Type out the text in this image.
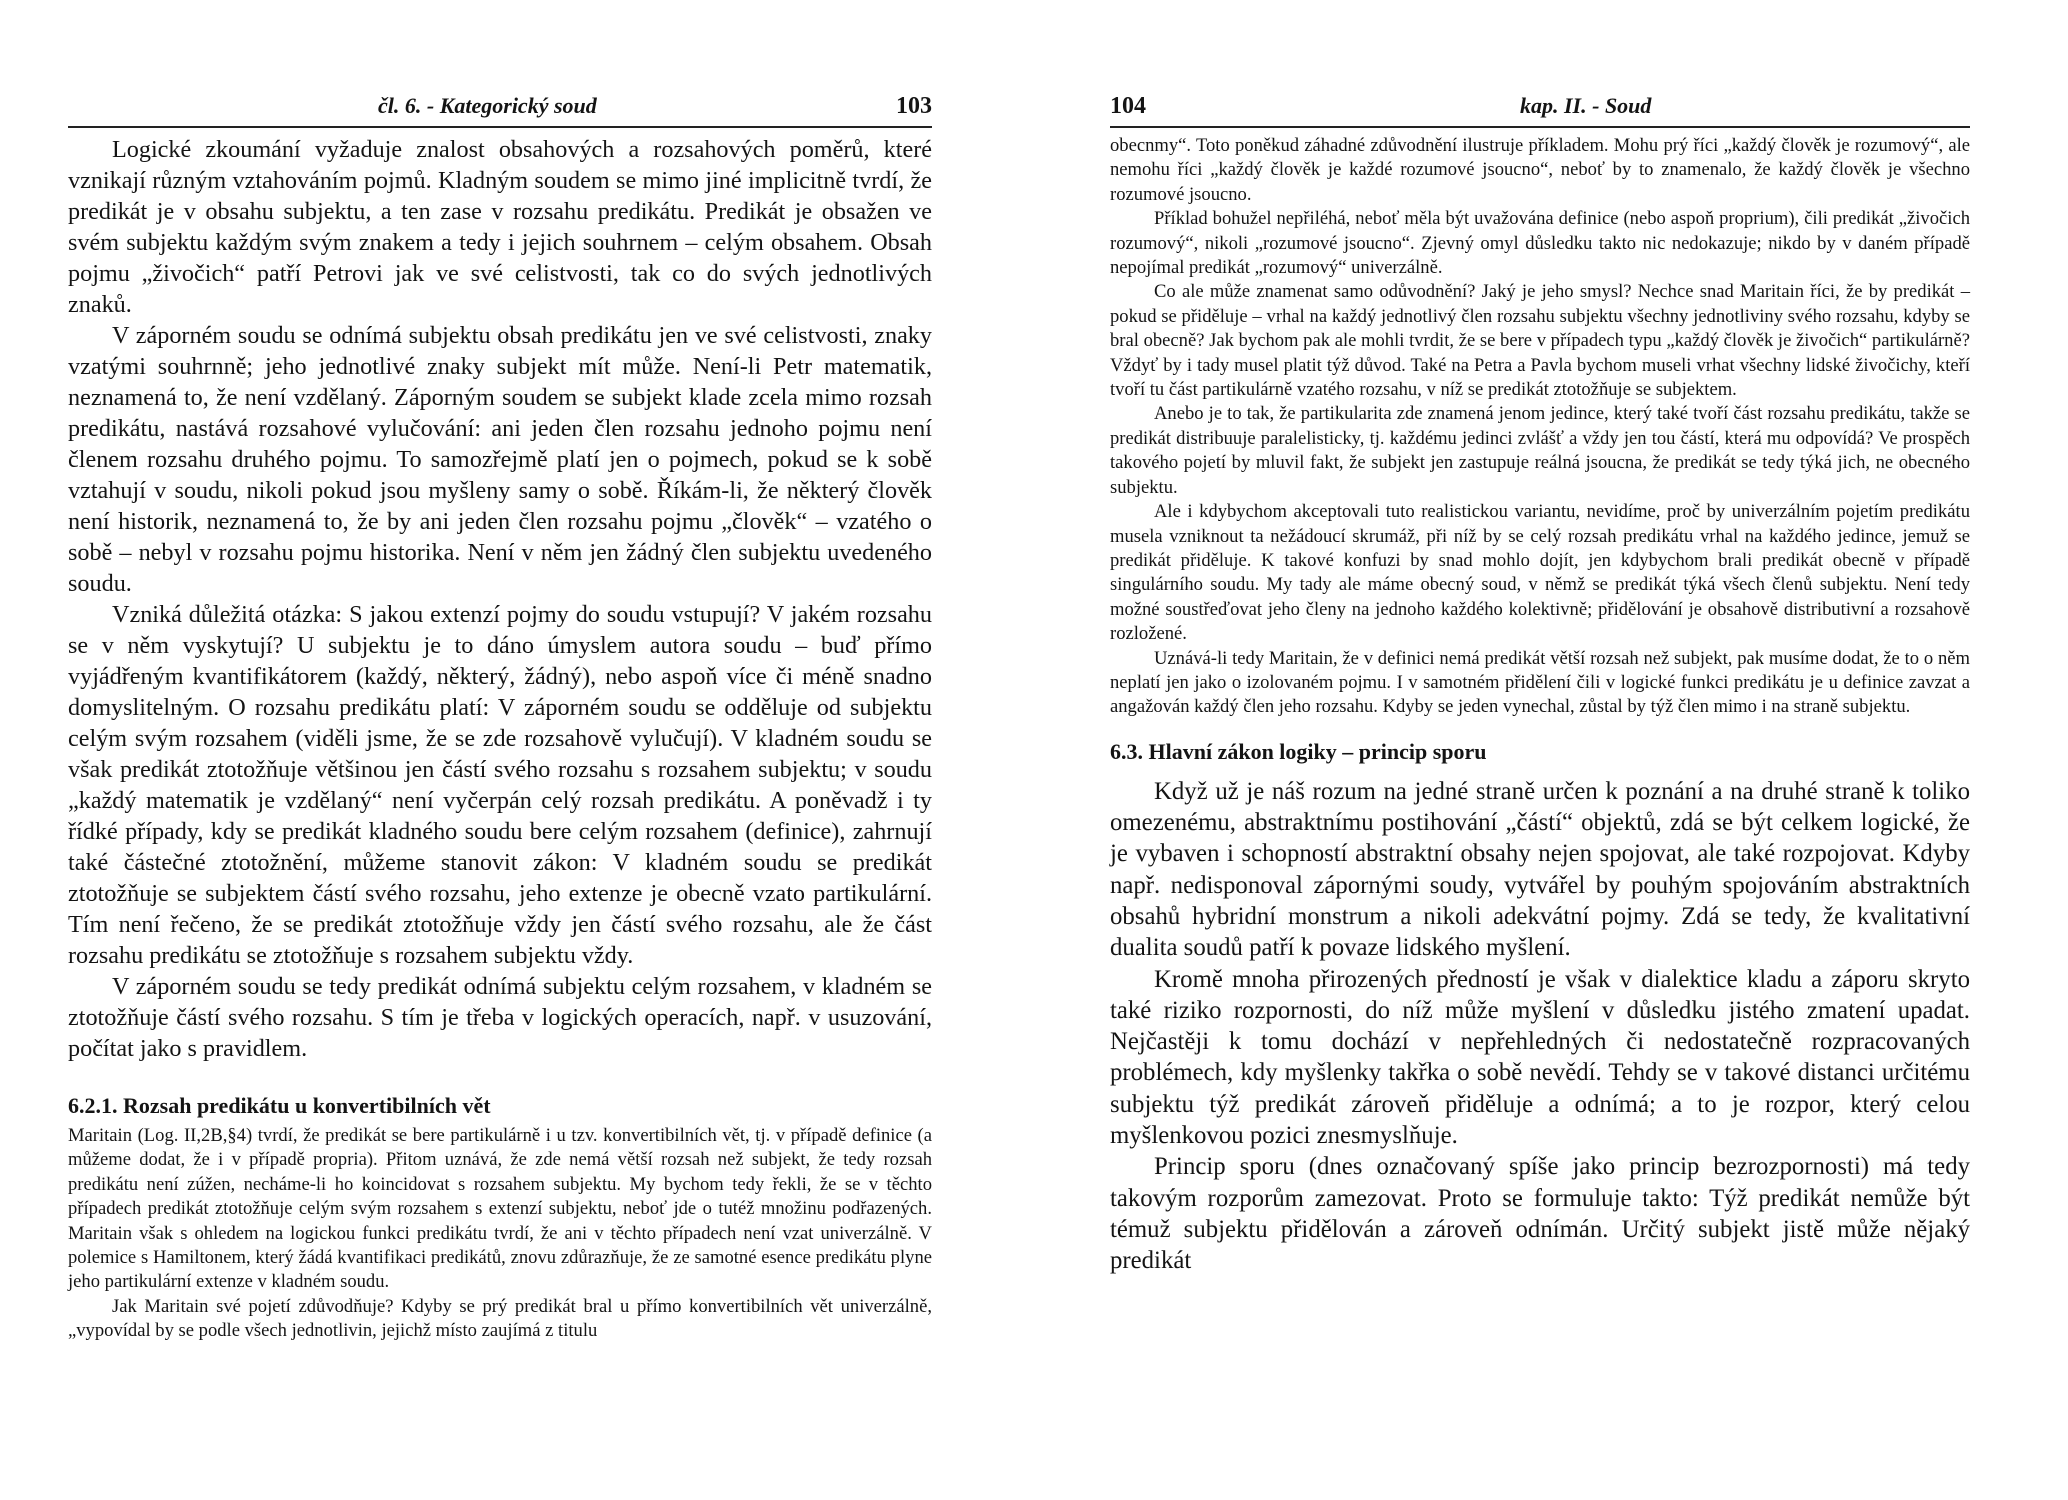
čl. 6. - Kategorický soud	103

Logické zkoumání vyžaduje znalost obsahových a rozsahových poměrů, které vznikají různým vztahováním pojmů. Kladným soudem se mimo jiné implicitně tvrdí, že predikát je v obsahu subjektu, a ten zase v rozsahu predikátu. Predikát je obsažen ve svém subjektu každým svým znakem a tedy i jejich souhrnem – celým obsahem. Obsah pojmu „živočich“ patří Petrovi jak ve své celistvosti, tak co do svých jednotlivých znaků.

V záporném soudu se odnímá subjektu obsah predikátu jen ve své celistvosti, znaky vzatými souhrnně; jeho jednotlivé znaky subjekt mít může. Není-li Petr matematik, neznamená to, že není vzdělaný. Záporným soudem se subjekt klade zcela mimo rozsah predikátu, nastává rozsahové vylučování: ani jeden člen rozsahu jednoho pojmu není členem rozsahu druhého pojmu. To samozřejmě platí jen o pojmech, pokud se k sobě vztahují v soudu, nikoli pokud jsou myšleny samy o sobě. Říkám-li, že některý člověk není historik, neznamená to, že by ani jeden člen rozsahu pojmu „člověk“ – vzatého o sobě – nebyl v rozsahu pojmu historika. Není v něm jen žádný člen subjektu uvedeného soudu.

Vzniká důležitá otázka: S jakou extenzí pojmy do soudu vstupují? V jakém rozsahu se v něm vyskytují? U subjektu je to dáno úmyslem autora soudu – buď přímo vyjádřeným kvantifikátorem (každý, některý, žádný), nebo aspoň více či méně snadno domyslitelným. O rozsahu predikátu platí: V záporném soudu se odděluje od subjektu celým svým rozsahem (viděli jsme, že se zde rozsahově vylučují). V kladném soudu se však predikát ztotožňuje většinou jen částí svého rozsahu s rozsahem subjektu; v soudu „každý matematik je vzdělaný“ není vyčerpán celý rozsah predikátu. A poněvadž i ty řídké případy, kdy se predikát kladného soudu bere celým rozsahem (definice), zahrnují také částečné ztotožnění, můžeme stanovit zákon: V kladném soudu se predikát ztotožňuje se subjektem částí svého rozsahu, jeho extenze je obecně vzato partikulární. Tím není řečeno, že se predikát ztotožňuje vždy jen částí svého rozsahu, ale že část rozsahu predikátu se ztotožňuje s rozsahem subjektu vždy.

V záporném soudu se tedy predikát odnímá subjektu celým rozsahem, v kladném se ztotožňuje částí svého rozsahu. S tím je třeba v logických operacích, např. v usuzování, počítat jako s pravidlem.

6.2.1. Rozsah predikátu u konvertibilních vět

Maritain (Log. II,2B,§4) tvrdí, že predikát se bere partikulárně i u tzv. konvertibilních vět, tj. v případě definice (a můžeme dodat, že i v případě propria). Přitom uznává, že zde nemá větší rozsah než subjekt, že tedy rozsah predikátu není zúžen, necháme-li ho koincidovat s rozsahem subjektu. My bychom tedy řekli, že se v těchto případech predikát ztotožňuje celým svým rozsahem s extenzí subjektu, neboť jde o tutéž množinu podřazených. Maritain však s ohledem na logickou funkci predikátu tvrdí, že ani v těchto případech není vzat univerzálně. V polemice s Hamiltonem, který žádá kvantifikaci predikátů, znovu zdůrazňuje, že ze samotné esence predikátu plyne jeho partikulární extenze v kladném soudu.

Jak Maritain své pojetí zdůvodňuje? Kdyby se prý predikát bral u přímo konvertibilních vět univerzálně, „vypovídal by se podle všech jednotlivin, jejichž místo zaujímá z titulu

104	kap. II. - Soud

obecnmy“. Toto poněkud záhadné zdůvodnění ilustruje příkladem. Mohu prý říci „každý člověk je rozumový“, ale nemohu říci „každý člověk je každé rozumové jsoucno“, neboť by to znamenalo, že každý člověk je všechno rozumové jsoucno.

Příklad bohužel nepřiléhá, neboť měla být uvažována definice (nebo aspoň proprium), čili predikát „živočich rozumový“, nikoli „rozumové jsoucno“. Zjevný omyl důsledku takto nic nedokazuje; nikdo by v daném případě nepojímal predikát „rozumový“ univerzálně.

Co ale může znamenat samo odůvodnění? Jaký je jeho smysl? Nechce snad Maritain říci, že by predikát – pokud se přiděluje – vrhal na každý jednotlivý člen rozsahu subjektu všechny jednotliviny svého rozsahu, kdyby se bral obecně? Jak bychom pak ale mohli tvrdit, že se bere v případech typu „každý člověk je živočich“ partikulárně? Vždyť by i tady musel platit týž důvod. Také na Petra a Pavla bychom museli vrhat všechny lidské živočichy, kteří tvoří tu část partikulárně vzatého rozsahu, v níž se predikát ztotožňuje se subjektem.

Anebo je to tak, že partikularita zde znamená jenom jedince, který také tvoří část rozsahu predikátu, takže se predikát distribuuje paralelisticky, tj. každému jedinci zvlášť a vždy jen tou částí, která mu odpovídá? Ve prospěch takového pojetí by mluvil fakt, že subjekt jen zastupuje reálná jsoucna, že predikát se tedy týká jich, ne obecného subjektu.

Ale i kdybychom akceptovali tuto realistickou variantu, nevidíme, proč by univerzálním pojetím predikátu musela vzniknout ta nežádoucí skrumáž, při níž by se celý rozsah predikátu vrhal na každého jedince, jemuž se predikát přiděluje. K takové konfuzi by snad mohlo dojít, jen kdybychom brali predikát obecně v případě singulárního soudu. My tady ale máme obecný soud, v němž se predikát týká všech členů subjektu. Není tedy možné soustřeďovat jeho členy na jednoho každého kolektivně; přidělování je obsahově distributivní a rozsahově rozložené.

Uznává-li tedy Maritain, že v definici nemá predikát větší rozsah než subjekt, pak musíme dodat, že to o něm neplatí jen jako o izolovaném pojmu. I v samotném přidělení čili v logické funkci predikátu je u definice zavzat a angažován každý člen jeho rozsahu. Kdyby se jeden vynechal, zůstal by týž člen mimo i na straně subjektu.

6.3. Hlavní zákon logiky – princip sporu

Když už je náš rozum na jedné straně určen k poznání a na druhé straně k toliko omezenému, abstraktnímu postihování „částí“ objektů, zdá se být celkem logické, že je vybaven i schopností abstraktní obsahy nejen spojovat, ale také rozpojovat. Kdyby např. nedisponoval zápornými soudy, vytvářel by pouhým spojováním abstraktních obsahů hybridní monstrum a nikoli adekvátní pojmy. Zdá se tedy, že kvalitativní dualita soudů patří k povaze lidského myšlení.

Kromě mnoha přirozených předností je však v dialektice kladu a záporu skryto také riziko rozpornosti, do níž může myšlení v důsledku jistého zmatení upadat. Nejčastěji k tomu dochází v nepřehledných či nedostatečně rozpracovaných problémech, kdy myšlenky takřka o sobě nevědí. Tehdy se v takové distanci určitému subjektu týž predikát zároveň přiděluje a odnímá; a to je rozpor, který celou myšlenkovou pozici znesmyslňuje.

Princip sporu (dnes označovaný spíše jako princip bezrozpornosti) má tedy takovým rozporům zamezovat. Proto se formuluje takto: Týž predikát nemůže být témuž subjektu přidělován a zároveň odnímán. Určitý subjekt jistě může nějaký predikát
